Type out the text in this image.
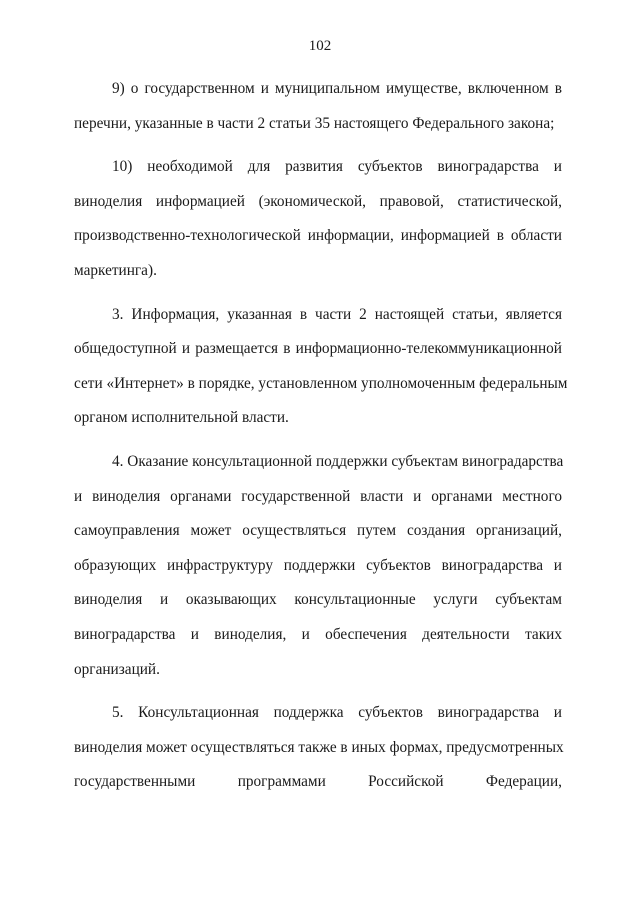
102

9) о государственном и муниципальном имуществе, включенном в
перечни, указанные в части 2 статьи 35 настоящего Федерального закона;

10) необходимой для развития субъектов виноградарства и
виноделия информацией (экономической, правовой, статистической,
производственно-технологической информации, информацией в области
маркетинга).

3. Информация, указанная в части 2 настоящей статьи, является
общедоступной и размещается в информационно-телекоммуникационной
сети «Интернет» в порядке, установленном уполномоченным федеральным
органом исполнительной власти.

4. Оказание консультационной поддержки субъектам виноградарства
и виноделия органами государственной власти и органами местного
самоуправления может осуществляться путем создания организаций,
образующих инфраструктуру поддержки субъектов виноградарства и
виноделия и оказывающих консультационные услуги субъектам
виноградарства и виноделия, и обеспечения деятельности таких
организаций.

5. Консультационная поддержка субъектов виноградарства и
виноделия может осуществляться также в иных формах, предусмотренных
государственными программами Российской Федерации,
